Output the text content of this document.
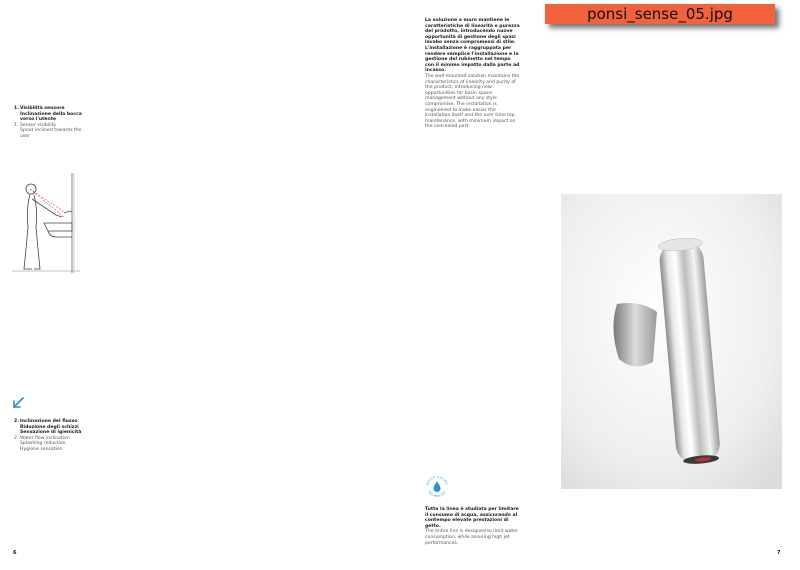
ponsi_sense_05.jpg

1.Visibilità sensore

Inclinazione della bocca verso l'utente

1. Sensor visibility

Spout inclined towards the user

2.Inclinazione del flusso

Riduzione degli schizzi Sensazione di igienicità

2. Water flow inclination

Splashing reduction Hygiene sensation

6

La soluzione a muro mantiene le caratteristiche di linearità e purezza del prodotto, introducendo nuove opportunità di gestione degli spazi lavabo senza compromessi di stile. L'installazione è raggruppata per rendere semplice l'installazione e la gestione del rubinetto nel tempo con il minimo impatto dalla parte ad incasso.

The wall-mounted solution maintains the characteristics of linearity and purity of the product, introducing new opportunities for basin space management without any style compromise. The installation is engineered to make easier the installation itself and the over time tap maintenance, with minimum impact on the concealed part.

WATER SAVING
TECHNOLOGY

Tutta la linea è studiata per limitare il consumo di acqua, assicurando al contempo elevate prestazioni di getto.

The entire line is designed to limit water consumption, while assuring high jet performances.

7
